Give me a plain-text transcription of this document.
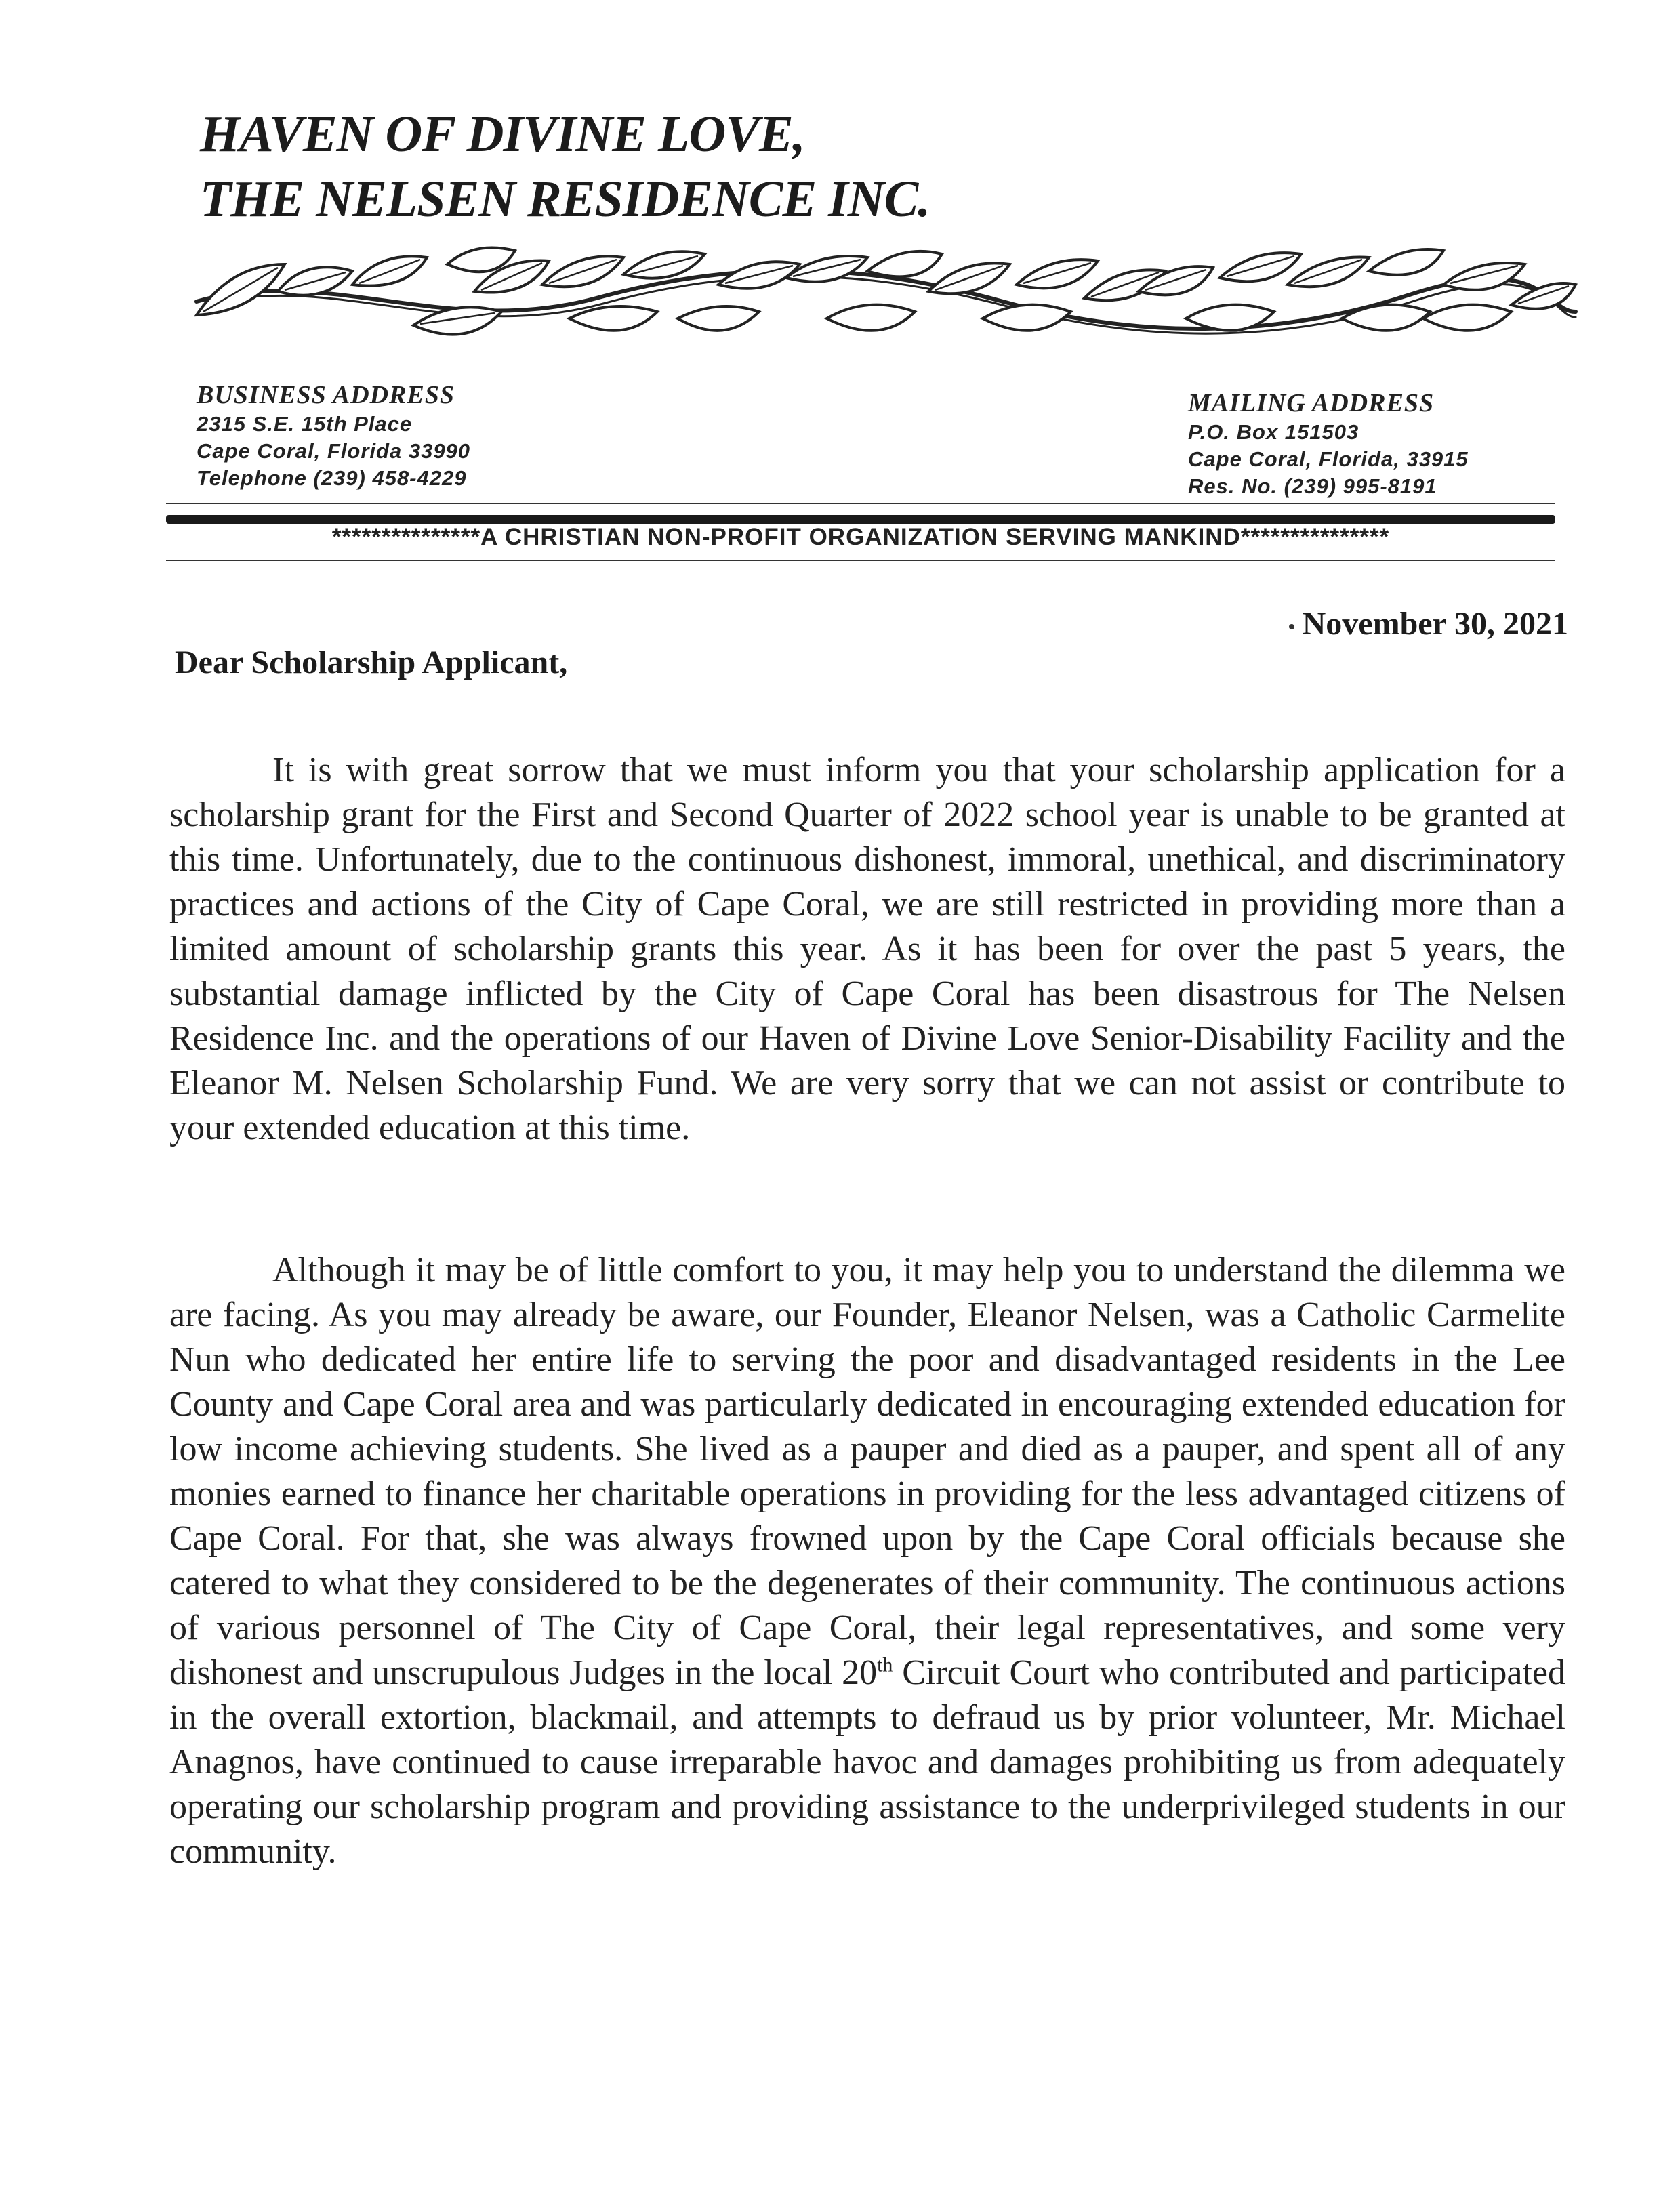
HAVEN OF DIVINE LOVE,
THE NELSEN RESIDENCE INC.
BUSINESS ADDRESS
2315 S.E. 15th Place
Cape Coral, Florida 33990
Telephone (239) 458-4229
MAILING ADDRESS
P.O. Box 151503
Cape Coral, Florida, 33915
Res. No. (239) 995-8191
***************A CHRISTIAN NON-PROFIT ORGANIZATION SERVING MANKIND***************
November 30, 2021
Dear Scholarship Applicant,

It is with great sorrow that we must inform you that your scholarship application for a scholarship grant for the First and Second Quarter of 2022 school year is unable to be granted at this time. Unfortunately, due to the continuous dishonest, immoral, unethical, and discriminatory practices and actions of the City of Cape Coral, we are still restricted in providing more than a limited amount of scholarship grants this year. As it has been for over the past 5 years, the substantial damage inflicted by the City of Cape Coral has been disastrous for The Nelsen Residence Inc. and the operations of our Haven of Divine Love Senior-Disability Facility and the Eleanor M. Nelsen Scholarship Fund. We are very sorry that we can not assist or contribute to your extended education at this time.

Although it may be of little comfort to you, it may help you to understand the dilemma we are facing. As you may already be aware, our Founder, Eleanor Nelsen, was a Catholic Carmelite Nun who dedicated her entire life to serving the poor and disadvantaged residents in the Lee County and Cape Coral area and was particularly dedicated in encouraging extended education for low income achieving students. She lived as a pauper and died as a pauper, and spent all of any monies earned to finance her charitable operations in providing for the less advantaged citizens of Cape Coral. For that, she was always frowned upon by the Cape Coral officials because she catered to what they considered to be the degenerates of their community. The continuous actions of various personnel of The City of Cape Coral, their legal representatives, and some very dishonest and unscrupulous Judges in the local 20th Circuit Court who contributed and participated in the overall extortion, blackmail, and attempts to defraud us by prior volunteer, Mr. Michael Anagnos, have continued to cause irreparable havoc and damages prohibiting us from adequately operating our scholarship program and providing assistance to the underprivileged students in our community.
